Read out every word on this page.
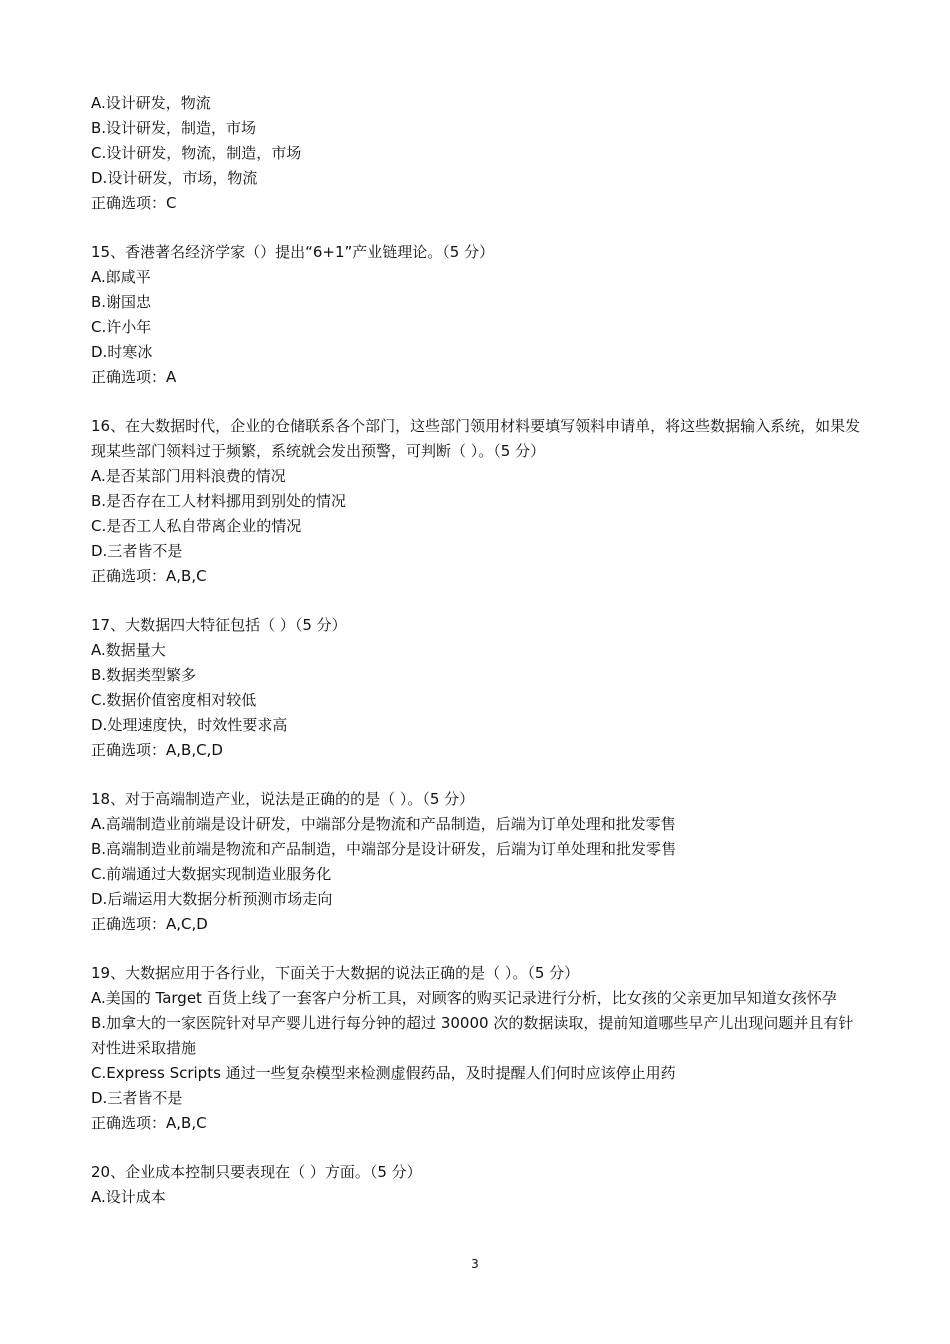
A.设计研发，物流
B.设计研发，制造，市场
C.设计研发，物流，制造，市场
D.设计研发，市场，物流
正确选项：C
15、香港著名经济学家（）提出“6+1”产业链理论。（5 分）
A.郎咸平
B.谢国忠
C.许小年
D.时寒冰
正确选项：A
16、在大数据时代，企业的仓储联系各个部门，这些部门领用材料要填写领料申请单，将这些数据输入系统，如果发现某些部门领料过于频繁，系统就会发出预警，可判断（ ）。（5 分）
A.是否某部门用料浪费的情况
B.是否存在工人材料挪用到别处的情况
C.是否工人私自带离企业的情况
D.三者皆不是
正确选项：A,B,C
17、大数据四大特征包括（ ）（5 分）
A.数据量大
B.数据类型繁多
C.数据价值密度相对较低
D.处理速度快，时效性要求高
正确选项：A,B,C,D
18、对于高端制造产业，说法是正确的的是（ ）。（5 分）
A.高端制造业前端是设计研发，中端部分是物流和产品制造，后端为订单处理和批发零售
B.高端制造业前端是物流和产品制造，中端部分是设计研发，后端为订单处理和批发零售
C.前端通过大数据实现制造业服务化
D.后端运用大数据分析预测市场走向
正确选项：A,C,D
19、大数据应用于各行业，下面关于大数据的说法正确的是（ ）。（5 分）
A.美国的 Target 百货上线了一套客户分析工具，对顾客的购买记录进行分析，比女孩的父亲更加早知道女孩怀孕
B.加拿大的一家医院针对早产婴儿进行每分钟的超过 30000 次的数据读取，提前知道哪些早产儿出现问题并且有针对性进采取措施
C.Express Scripts 通过一些复杂模型来检测虚假药品，及时提醒人们何时应该停止用药
D.三者皆不是
正确选项：A,B,C
20、企业成本控制只要表现在（ ）方面。（5 分）
A.设计成本
3
